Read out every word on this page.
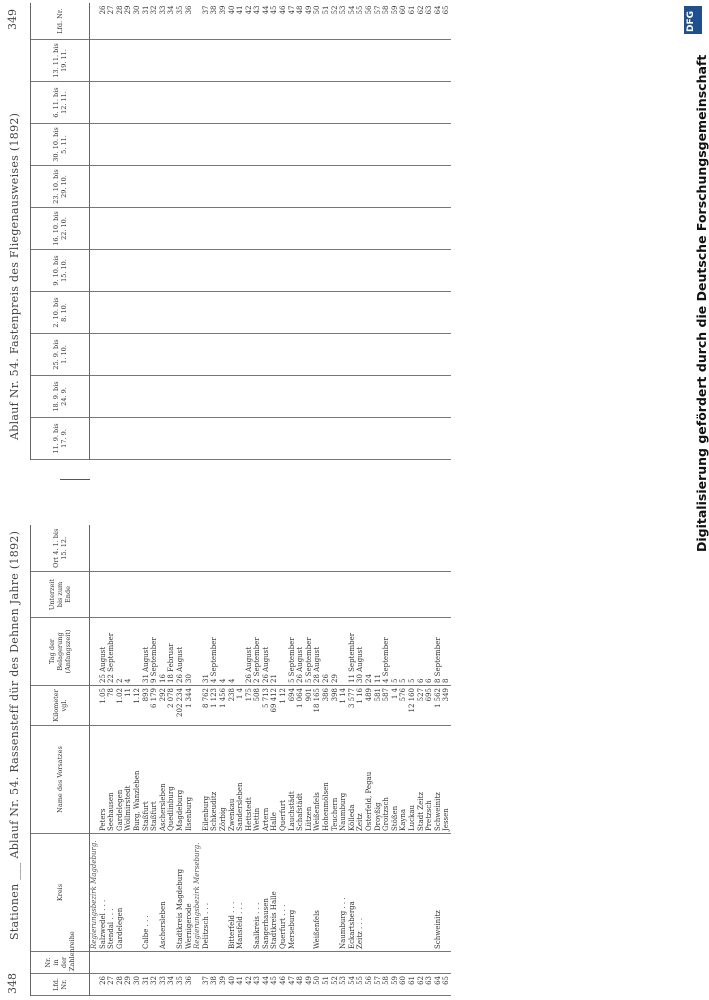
348
Stationen ___ Ablauf Nr. 54. Rassensteff dür des Dehnen Jahre (1892)
Ablauf Nr. 54. Fastenpreis des Fliegenausweises (1892)
349
Lfd. Nr.	Nr. in der Zahlenreihe	Kreis	Name des Vorsatzes	Kilometer vgl.	Tag der Belagerung (Anfangszeit)	Unterzeit bis zum Ende	Ort 4. 1. bis 15. 12.
		Regierungsbezirk Magdeburg.					
26		Salzwedel . . .	Peters	1.05	25 August		
27		Stendal . . .	Seehausen	78	22 September		
28		Gardelegen	Gardelegen	1.02	2		
29			Wollmirstedt	11	4		
30			Burg, Wanzleben	1.12			
31		Calbe . . .	Staßfurt	893	31 August		
32			Staßfurt	6 179	9 September		
33		Aschersleben	Aschersleben	292	16		
34			Quedlinburg	2 078	18 Februar		
35		Stadtkreis Magdeburg	Magdeburg	202 234	26 August		
36		Wernigerode	Ilsenburg	1 344	30		
		Regierungsbezirk Merseburg.					
37		Delitzsch . . .	Eilenburg	8 762	31		
38			Schkeuditz	1 123	4 September		
39			Zörbig	1 456	4		
40		Bitterfeld . . .	Zwenkau	238	4		
41		Mansfeld . . .	Sandersleben	1 4			
42			Hettstedt	175	26 August		
43		Saalkreis . . .	Wettin	508	2 September		
44		Sangerhausen	Artern	5 713	26 August		
45		Stadtkreis Halle	Halle	69 412	21		
46		Querfurt . . .	Querfurt	1 12			
47		Merseburg	Lauchstädt	694	5 September		
48			Schafstädt	1 064	26 August		
49			Lützen	901	5 September		
50		Weißenfels	Weißenfels	18 165	28 August		
51			Hohenmölsen	386	26		
52			Teuchern	398	29		
53		Naumburg . . .	Naumburg	1 14			
54		Eckartsberga	Kölleda	3 577	11 September		
55		Zeitz . . .	Zeitz	1 16	30 August		
56			Osterfeld, Pegau	489	24		
57			Droyßig	581	11		
58			Groitzsch	587	4 September		
59			Stößen	1 4	5		
60			Kayna	576	5		
61			Luckau	12 160	5		
62			Stadt Zeitz	527	6		
63			Pretzsch	695	6		
64		Schweinitz	Schweinitz	1 562	8 September		
65			Jessen	349	8		
11. 9. bis 17. 9.	18. 9. bis 24. 9.	25. 9. bis 1. 10.	2. 10. bis 8. 10.	9. 10. bis 15. 10.	16. 10. bis 22. 10.	23. 10. bis 29. 10.	30. 10. bis 5. 11.	6. 11. bis 12. 11.	13. 11. bis 19. 11.	Lfd. Nr.

										26
										27
										28
										29
										30
										31
										32
										33
										34
										35
										36

										37
										38
										39
										40
										41
										42
										43
										44
										45
										46
										47
										48
										49
										50
										51
										52
										53
										54
										55
										56
										57
										58
										59
										60
										61
										62
										63
										64
										65
DFG
Digitalisierung gefördert durch die Deutsche Forschungsgemeinschaft
